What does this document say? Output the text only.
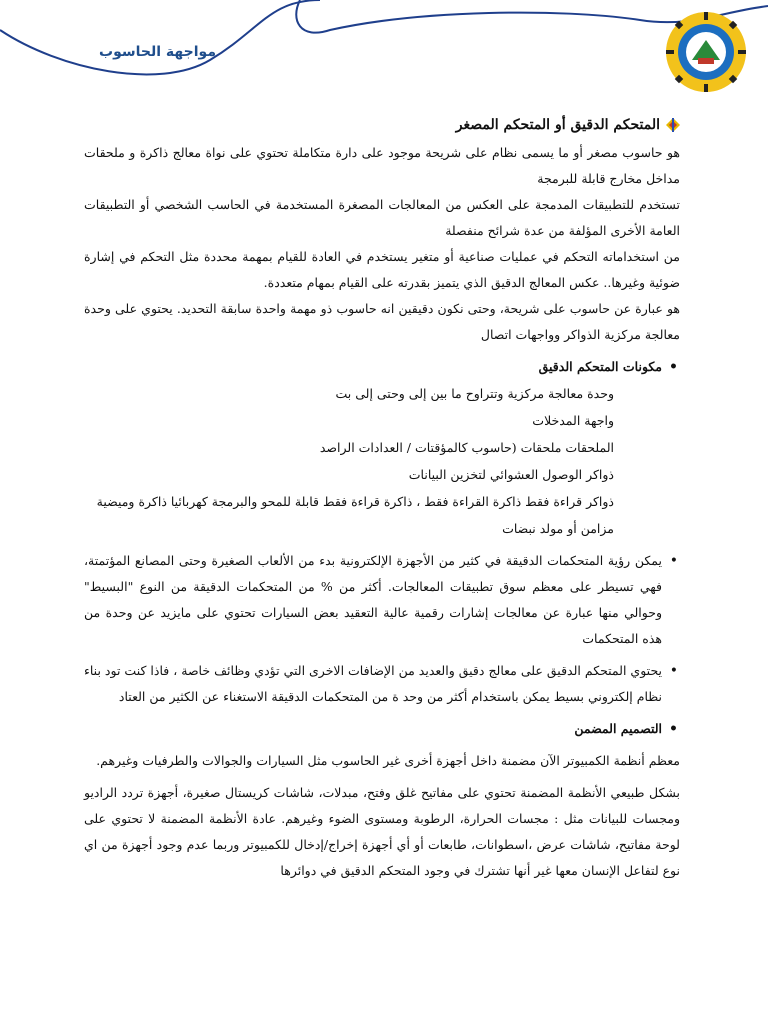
مواجهة الحاسوب
المتحكم الدقيق أو المتحكم المصغر

هو حاسوب مصغر أو ما يسمى نظام على شريحة موجود على دارة متكاملة تحتوي على نواة معالج ذاكرة و ملحقات مداخل مخارج قابلة للبرمجة

تستخدم للتطبيقات المدمجة على العكس من المعالجات المصغرة المستخدمة في الحاسب الشخصي أو التطبيقات العامة الأخرى المؤلفة من عدة شرائح منفصلة

من استخداماته التحكم في عمليات صناعية أو متغير يستخدم في العادة للقيام بمهمة محددة مثل التحكم في إشارة ضوئية وغيرها.. عكس المعالج الدقيق الذي يتميز بقدرته على القيام بمهام متعددة.

هو عبارة عن حاسوب على شريحة، وحتى نكون دقيقين انه حاسوب ذو مهمة واحدة سابقة التحديد. يحتوي على وحدة معالجة مركزية الذواكر وواجهات اتصال

• مكونات المتحكم الدقيق

وحدة معالجة مركزية وتتراوح ما بين إلى وحتى إلى بت

واجهة المدخلات

الملحقات ملحقات (حاسوب كالمؤقتات / العدادات الراصد

ذواكر الوصول العشوائي لتخزين البيانات

ذواكر قراءة فقط ذاكرة القراءة فقط ، ذاكرة قراءة فقط قابلة للمحو والبرمجة كهربائيا ذاكرة وميضية

مزامن أو مولد نبضات

• يمكن رؤية المتحكمات الدقيقة في كثير من الأجهزة الإلكترونية بدء من الألعاب الصغيرة وحتى المصانع المؤتمتة، فهي تسيطر على معظم سوق تطبيقات المعالجات. أكثر من % من المتحكمات الدقيقة من النوع "البسيط" وحوالي منها عبارة عن معالجات إشارات رقمية عالية التعقيد بعض السيارات تحتوي على مايزيد عن وحدة من هذه المتحكمات
• يحتوي المتحكم الدقيق على معالج دقيق والعديد من الإضافات الاخرى التي تؤدي وظائف خاصة ، فاذا كنت تود بناء نظام إلكتروني بسيط يمكن باستخدام أكثر من وحد ة من المتحكمات الدقيقة الاستغناء عن الكثير من العتاد
• التصميم المضمن

معظم أنظمة الكمبيوتر الآن مضمنة داخل أجهزة أخرى غير الحاسوب مثل السيارات والجوالات والطرفيات وغيرهم.

بشكل طبيعي الأنظمة المضمنة تحتوي على مفاتيح غلق وفتح، مبدلات، شاشات كريستال صغيرة، أجهزة تردد الراديو ومجسات للبيانات مثل : مجسات الحرارة، الرطوبة ومستوى الضوء وغيرهم. عادة الأنظمة المضمنة لا تحتوي على لوحة مفاتيح، شاشات عرض ،اسطوانات، طابعات أو أي أجهزة إخراج/إدخال للكمبيوتر وربما عدم وجود أجهزة من اي نوع لتفاعل الإنسان معها غير أنها تشترك في وجود المتحكم الدقيق في دوائرها
